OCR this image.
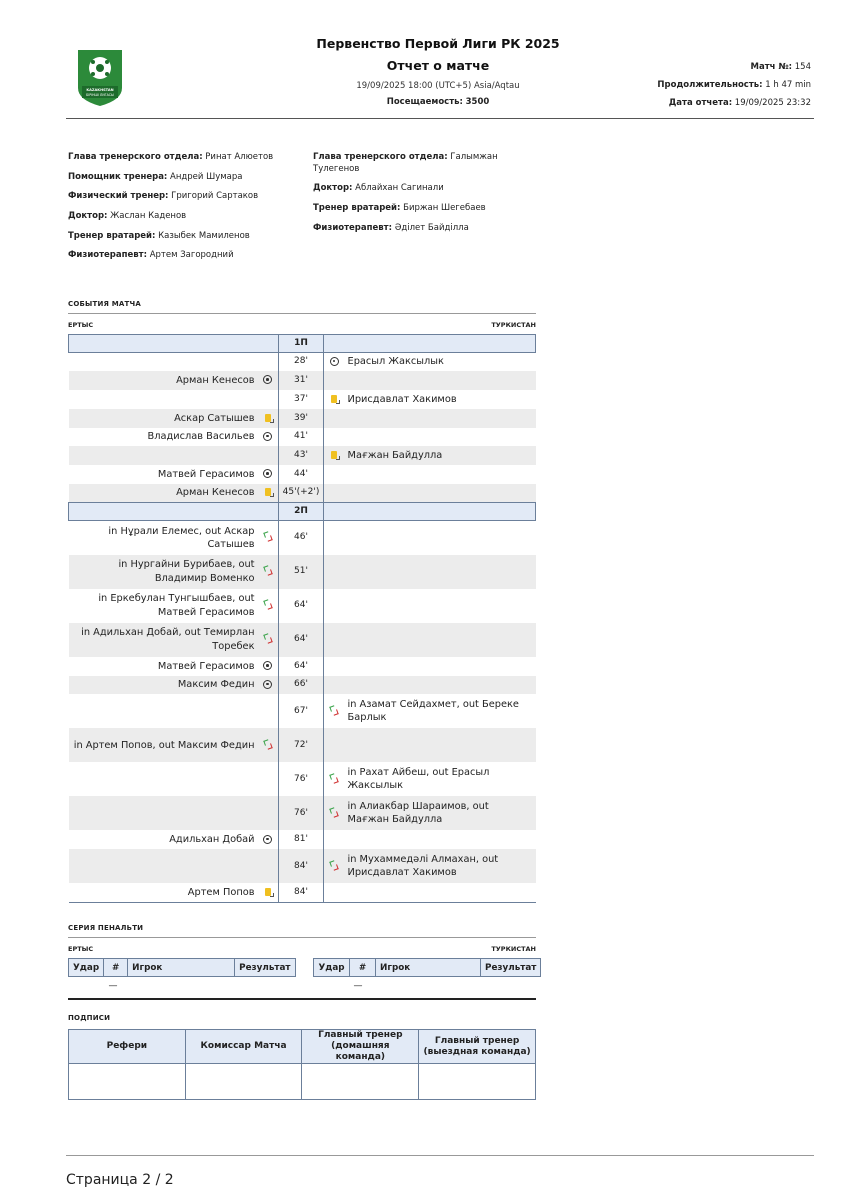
KAZAKHSTAN
БІРІНШІ ЛИГАСЫ
Первенство Первой Лиги РК 2025
Отчет о матче
19/09/2025 18:00 (UTC+5) Asia/Aqtau
Посещаемость: 3500
Матч №: 154
Продолжительность: 1 h 47 min
Дата отчета: 19/09/2025 23:32
Глава тренерского отдела: Ринат Алюетов
Помощник тренера: Андрей Шумара
Физический тренер: Григорий Сартаков
Доктор: Жаслан Каденов
Тренер вратарей: Казыбек Мамиленов
Физиотерапевт: Артем Загородний
Глава тренерского отдела: Галымжан Тулегенов
Доктор: Аблайхан Сагинали
Тренер вратарей: Биржан Шегебаев
Физиотерапевт: Әділет Байділла
СОБЫТИЯ МАТЧА
ЕРТЫС	ТУРКИСТАН
		1П		
		28'		Ерасыл Жаксылык
Арман Кенесов		31'		
		37'		Ирисдавлат Хакимов
Аскар Сатышев		39'		
Владислав Васильев		41'		
		43'		Мағжан Байдулла
Матвей Герасимов		44'		
Арман Кенесов		45'(+2')		
		2П		
in Нұрали Елемес, out Аскар Сатышев		46'		
in Нургайни Бурибаев, out Владимир Воменко		51'		
in Еркебулан Тунгышбаев, out Матвей Герасимов		64'		
in Адильхан Добай, out Темирлан Торебек		64'		
Матвей Герасимов		64'		
Максим Федин		66'		
		67'		in Азамат Сейдахмет, out Береке Барлык
in Артем Попов, out Максим Федин		72'		
		76'		in Рахат Айбеш, out Ерасыл Жаксылык
		76'		in Алиакбар Шараимов, out Мағжан Байдулла
Адильхан Добай		81'		
		84'		in Мухаммедәлі Алмахан, out Ирисдавлат Хакимов
Артем Попов		84'		
СЕРИЯ ПЕНАЛЬТИ
ЕРТЫС	ТУРКИСТАН
Удар	#	Игрок	Результат
—
Удар	#	Игрок	Результат
—
ПОДПИСИ
Рефери	Комиссар Матча	Главный тренер (домашняя команда)	Главный тренер (выездная команда)

Страница 2 / 2
